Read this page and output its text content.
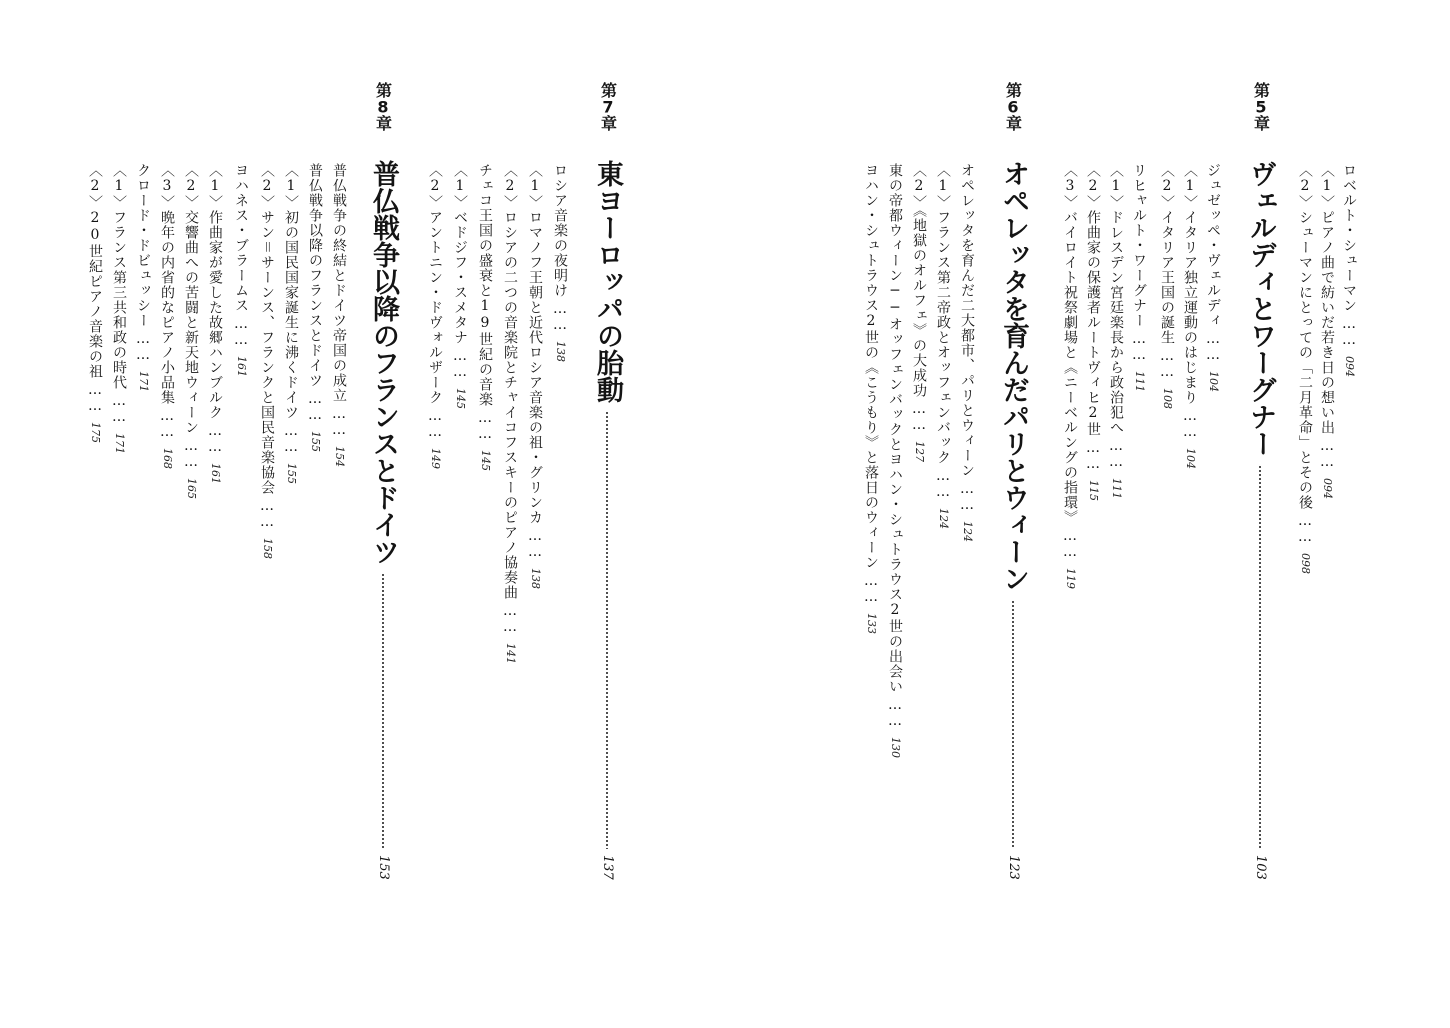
第
5
章
ヴェルディとワーグナー
103
ロベルト・シューマン
……
094
〈1〉ピアノ曲で紡いだ若き日の想い出
……
094
〈2〉シューマンにとっての「二月革命」とその後
……
098
ジュゼッペ・ヴェルディ
……
104
〈1〉イタリア独立運動のはじまり
……
104
〈2〉イタリア王国の誕生
……
108
リヒャルト・ワーグナー
……
111
〈1〉ドレスデン宮廷楽長から政治犯へ
……
111
〈2〉作曲家の保護者ルートヴィヒ2世
……
115
〈3〉バイロイト祝祭劇場と《ニーベルングの指環》
……
119
第
6
章
オペレッタを育んだパリとウィーン
123
オペレッタを育んだ二大都市、パリとウィーン
……
124
〈1〉フランス第二帝政とオッフェンバック
……
124
〈2〉《地獄のオルフェ》の大成功
……
127
東の帝都ウィーン──オッフェンバックとヨハン・シュトラウス2世の出会い
……
130
ヨハン・シュトラウス2世の《こうもり》と落日のウィーン
……
133
第
7
章
東ヨーロッパの胎動
137
ロシア音楽の夜明け
……
138
〈1〉ロマノフ王朝と近代ロシア音楽の祖・グリンカ
……
138
〈2〉ロシアの二つの音楽院とチャイコフスキーのピアノ協奏曲
……
141
チェコ王国の盛衰と19世紀の音楽
……
145
〈1〉ベドジフ・スメタナ
……
145
〈2〉アントニン・ドヴォルザーク
……
149
第
8
章
普仏戦争以降のフランスとドイツ
153
普仏戦争の終結とドイツ帝国の成立
……
154
普仏戦争以降のフランスとドイツ
……
155
〈1〉初の国民国家誕生に沸くドイツ
……
155
〈2〉サン＝サーンス、フランクと国民音楽協会
……
158
ヨハネス・ブラームス
……
161
〈1〉作曲家が愛した故郷ハンブルク
……
161
〈2〉交響曲への苦闘と新天地ウィーン
……
165
〈3〉晩年の内省的なピアノ小品集
……
168
クロード・ドビュッシー
……
171
〈1〉フランス第三共和政の時代
……
171
〈2〉20世紀ピアノ音楽の祖
……
175
